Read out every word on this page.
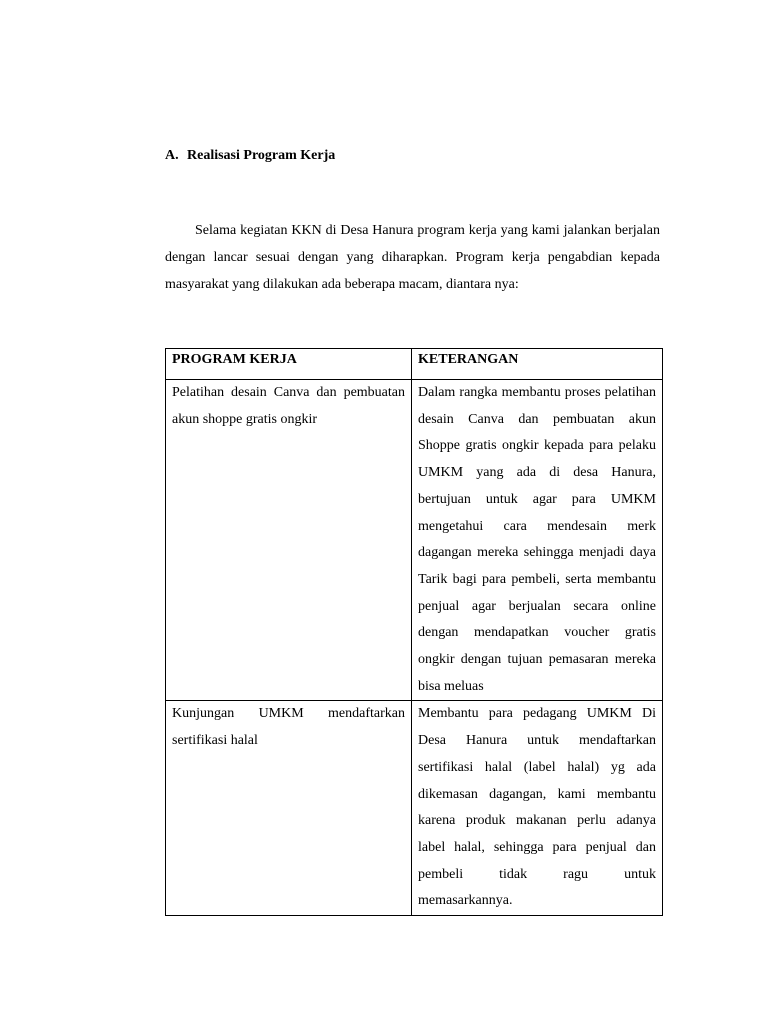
A. Realisasi Program Kerja

Selama kegiatan KKN di Desa Hanura program kerja yang kami jalankan berjalan dengan lancar sesuai dengan yang diharapkan. Program kerja pengabdian kepada masyarakat yang dilakukan ada beberapa macam, diantara nya:

PROGRAM KERJA	KETERANGAN
Pelatihan desain Canva dan pembuatan akun shoppe gratis ongkir	Dalam rangka membantu proses pelatihan desain Canva dan pembuatan akun Shoppe gratis ongkir kepada para pelaku UMKM yang ada di desa Hanura, bertujuan untuk agar para UMKM mengetahui cara mendesain merk dagangan mereka sehingga menjadi daya Tarik bagi para pembeli, serta membantu penjual agar berjualan secara online dengan mendapatkan voucher gratis ongkir dengan tujuan pemasaran mereka bisa meluas
Kunjungan UMKM mendaftarkan sertifikasi halal	Membantu para pedagang UMKM Di Desa Hanura untuk mendaftarkan sertifikasi halal (label halal) yg ada dikemasan dagangan, kami membantu karena produk makanan perlu adanya label halal, sehingga para penjual dan pembeli tidak ragu untuk memasarkannya.
